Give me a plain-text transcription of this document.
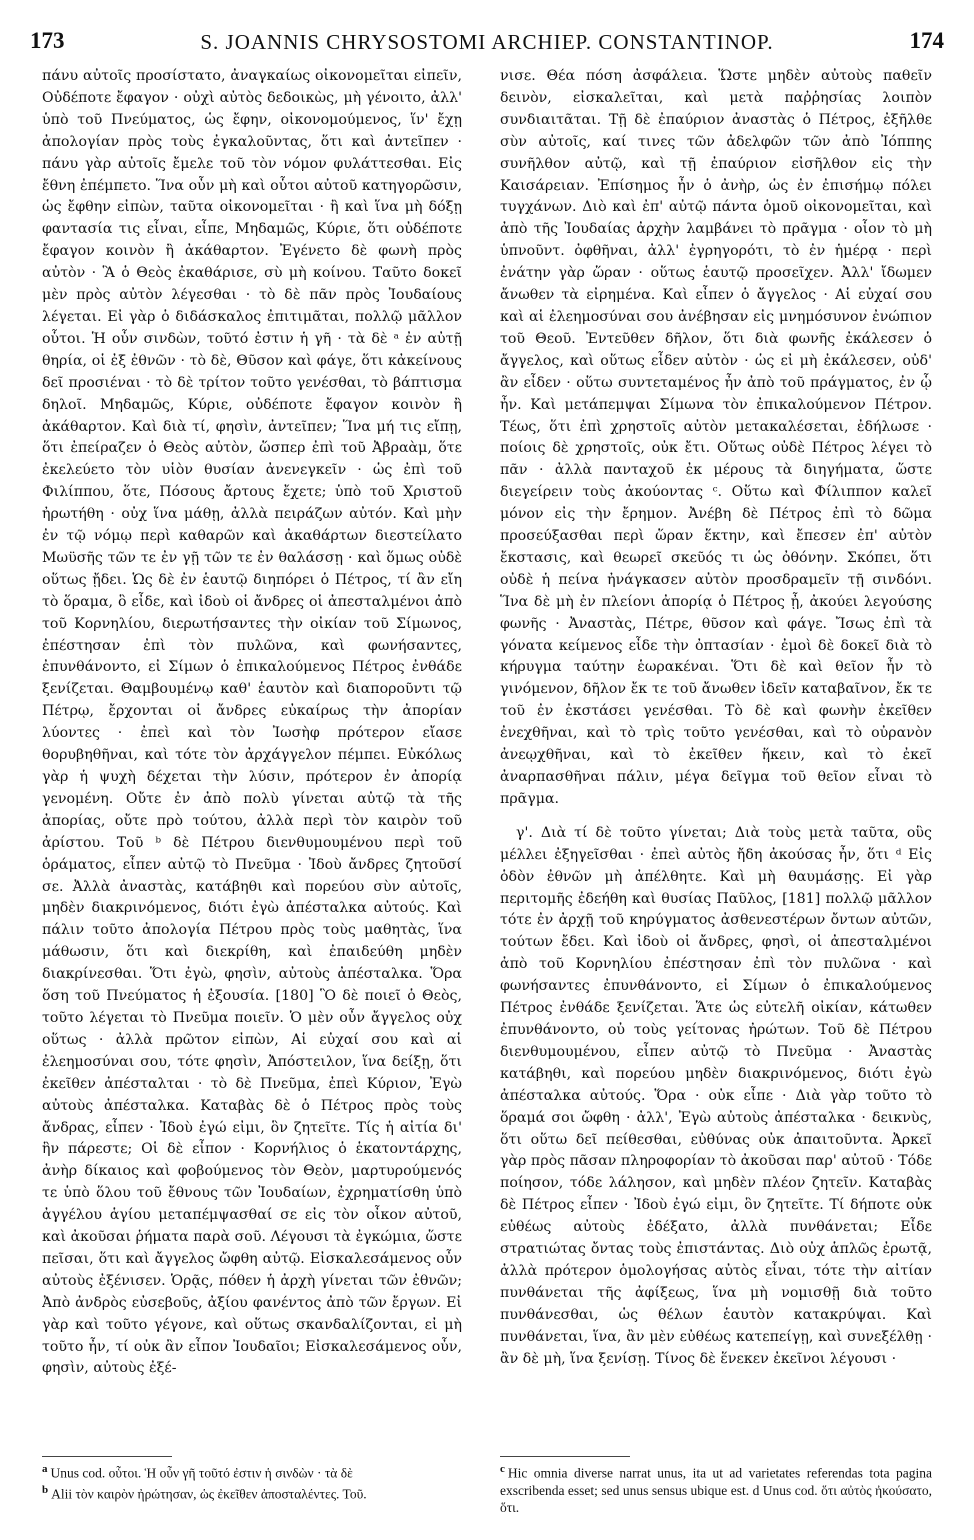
173	S. JOANNIS CHRYSOSTOMI ARCHIEP. CONSTANTINOP.	174

πάνυ αὐτοῖς προσίστατο, ἀναγκαίως οἰκονομεῖται εἰπεῖν, Οὐδέποτε ἔφαγον · οὐχὶ αὐτὸς δεδοικὼς, μὴ γένοιτο, ἀλλ' ὑπὸ τοῦ Πνεύματος, ὡς ἔφην, οἰκονομούμενος, ἵν' ἔχῃ ἀπολογίαν πρὸς τοὺς ἐγκαλοῦντας, ὅτι καὶ ἀντεῖπεν · πάνυ γὰρ αὐτοῖς ἔμελε τοῦ τὸν νόμον φυλάττεσθαι. Εἰς ἔθνη ἐπέμπετο. Ἵνα οὖν μὴ καὶ οὗτοι αὐτοῦ κατηγορῶσιν, ὡς ἔφθην εἰπὼν, ταῦτα οἰκονομεῖται · ἢ καὶ ἵνα μὴ δόξῃ φαντασία τις εἶναι, εἶπε, Μηδαμῶς, Κύριε, ὅτι οὐδέποτε ἔφαγον κοινὸν ἢ ἀκάθαρτον. Ἐγένετο δὲ φωνὴ πρὸς αὐτὸν · Ἃ ὁ Θεὸς ἐκαθάρισε, σὺ μὴ κοίνου. Ταῦτο δοκεῖ μὲν πρὸς αὐτὸν λέγεσθαι · τὸ δὲ πᾶν πρὸς Ἰουδαίους λέγεται. Εἰ γὰρ ὁ διδάσκαλος ἐπιτιμᾶται, πολλῷ μᾶλλον οὗτοι. Ἡ οὖν σινδὼν, τοῦτό ἐστιν ἡ γῆ · τὰ δὲ ᵃ ἐν αὐτῇ θηρία, οἱ ἐξ ἐθνῶν · τὸ δὲ, Θῦσον καὶ φάγε, ὅτι κἀκείνους δεῖ προσιέναι · τὸ δὲ τρίτον τοῦτο γενέσθαι, τὸ βάπτισμα δηλοῖ. Μηδαμῶς, Κύριε, οὐδέποτε ἔφαγον κοινὸν ἢ ἀκάθαρτον. Καὶ διὰ τί, φησὶν, ἀντεῖπεν; Ἵνα μή τις εἴπῃ, ὅτι ἐπείραζεν ὁ Θεὸς αὐτὸν, ὥσπερ ἐπὶ τοῦ Ἀβραὰμ, ὅτε ἐκελεύετο τὸν υἱὸν θυσίαν ἀνενεγκεῖν · ὡς ἐπὶ τοῦ Φιλίππου, ὅτε, Πόσους ἄρτους ἔχετε; ὑπὸ τοῦ Χριστοῦ ἠρωτήθη · οὐχ ἵνα μάθῃ, ἀλλὰ πειράζων αὐτόν. Καὶ μὴν ἐν τῷ νόμῳ περὶ καθαρῶν καὶ ἀκαθάρτων διεστείλατο Μωϋσῆς τῶν τε ἐν γῇ τῶν τε ἐν θαλάσσῃ · καὶ ὅμως οὐδὲ οὕτως ᾔδει. Ὡς δὲ ἐν ἑαυτῷ διηπόρει ὁ Πέτρος, τί ἂν εἴη τὸ ὅραμα, ὃ εἶδε, καὶ ἰδοὺ οἱ ἄνδρες οἱ ἀπεσταλμένοι ἀπὸ τοῦ Κορνηλίου, διερωτήσαντες τὴν οἰκίαν τοῦ Σίμωνος, ἐπέστησαν ἐπὶ τὸν πυλῶνα, καὶ φωνήσαντες, ἐπυνθάνοντο, εἰ Σίμων ὁ ἐπικαλούμενος Πέτρος ἐνθάδε ξενίζεται. Θαμβουμένῳ καθ' ἑαυτὸν καὶ διαποροῦντι τῷ Πέτρῳ, ἔρχονται οἱ ἄνδρες εὐκαίρως τὴν ἀπορίαν λύοντες · ἐπεὶ καὶ τὸν Ἰωσὴφ πρότερον εἴασε θορυβηθῆναι, καὶ τότε τὸν ἀρχάγγελον πέμπει. Εὐκόλως γὰρ ἡ ψυχὴ δέχεται τὴν λύσιν, πρότερον ἐν ἀπορίᾳ γενομένη. Οὔτε ἐν ἀπὸ πολὺ γίνεται αὐτῷ τὰ τῆς ἀπορίας, οὔτε πρὸ τούτου, ἀλλὰ περὶ τὸν καιρὸν τοῦ ἀρίστου. Τοῦ ᵇ δὲ Πέτρου διενθυμουμένου περὶ τοῦ ὁράματος, εἶπεν αὐτῷ τὸ Πνεῦμα · Ἰδοὺ ἄνδρες ζητοῦσί σε. Ἀλλὰ ἀναστὰς, κατάβηθι καὶ πορεύου σὺν αὐτοῖς, μηδὲν διακρινόμενος, διότι ἐγὼ ἀπέσταλκα αὐτούς. Καὶ πάλιν τοῦτο ἀπολογία Πέτρου πρὸς τοὺς μαθητὰς, ἵνα μάθωσιν, ὅτι καὶ διεκρίθη, καὶ ἐπαιδεύθη μηδὲν διακρίνεσθαι. Ὅτι ἐγὼ, φησὶν, αὐτοὺς ἀπέσταλκα. Ὅρα ὅση τοῦ Πνεύματος ἡ ἐξουσία. [180] Ὃ δὲ ποιεῖ ὁ Θεὸς, τοῦτο λέγεται τὸ Πνεῦμα ποιεῖν. Ὁ μὲν οὖν ἄγγελος οὐχ οὕτως · ἀλλὰ πρῶτον εἰπὼν, Αἱ εὐχαί σου καὶ αἱ ἐλεημοσύναι σου, τότε φησὶν, Ἀπόστειλον, ἵνα δείξῃ, ὅτι ἐκεῖθεν ἀπέσταλται · τὸ δὲ Πνεῦμα, ἐπεὶ Κύριον, Ἐγὼ αὐτοὺς ἀπέσταλκα. Καταβὰς δὲ ὁ Πέτρος πρὸς τοὺς ἄνδρας, εἶπεν · Ἰδοὺ ἐγώ εἰμι, ὃν ζητεῖτε. Τίς ἡ αἰτία δι' ἣν πάρεστε; Οἱ δὲ εἶπον · Κορνήλιος ὁ ἑκατοντάρχης, ἀνὴρ δίκαιος καὶ φοβούμενος τὸν Θεὸν, μαρτυρούμενός τε ὑπὸ ὅλου τοῦ ἔθνους τῶν Ἰουδαίων, ἐχρηματίσθη ὑπὸ ἀγγέλου ἁγίου μεταπέμψασθαί σε εἰς τὸν οἶκον αὐτοῦ, καὶ ἀκοῦσαι ῥήματα παρὰ σοῦ. Λέγουσι τὰ ἐγκώμια, ὥστε πεῖσαι, ὅτι καὶ ἄγγελος ὤφθη αὐτῷ. Εἰσκαλεσάμενος οὖν αὐτοὺς ἐξένισεν. Ὁρᾷς, πόθεν ἡ ἀρχὴ γίνεται τῶν ἐθνῶν; Ἀπὸ ἀνδρὸς εὐσεβοῦς, ἀξίου φανέντος ἀπὸ τῶν ἔργων. Εἰ γὰρ καὶ τοῦτο γέγονε, καὶ οὕτως σκανδαλίζονται, εἰ μὴ τοῦτο ἦν, τί οὐκ ἂν εἶπον Ἰουδαῖοι; Εἰσκαλεσάμενος οὖν, φησὶν, αὐτοὺς ἐξέ-

νισε. Θέα πόση ἀσφάλεια. Ὥστε μηδὲν αὐτοὺς παθεῖν δεινὸν, εἰσκαλεῖται, καὶ μετὰ παῤῥησίας λοιπὸν συνδιαιτᾶται. Τῇ δὲ ἐπαύριον ἀναστὰς ὁ Πέτρος, ἐξῆλθε σὺν αὐτοῖς, καί τινες τῶν ἀδελφῶν τῶν ἀπὸ Ἰόππης συνῆλθον αὐτῷ, καὶ τῇ ἐπαύριον εἰσῆλθον εἰς τὴν Καισάρειαν. Ἐπίσημος ἦν ὁ ἀνὴρ, ὡς ἐν ἐπισήμῳ πόλει τυγχάνων. Διὸ καὶ ἐπ' αὐτῷ πάντα ὁμοῦ οἰκονομεῖται, καὶ ἀπὸ τῆς Ἰουδαίας ἀρχὴν λαμβάνει τὸ πρᾶγμα · οἷον τὸ μὴ ὑπνοῦντ. ὀφθῆναι, ἀλλ' ἐγρηγορότι, τὸ ἐν ἡμέρᾳ · περὶ ἐνάτην γὰρ ὥραν · οὕτως ἑαυτῷ προσεῖχεν. Ἀλλ' ἴδωμεν ἄνωθεν τὰ εἰρημένα. Καὶ εἶπεν ὁ ἄγγελος · Αἱ εὐχαί σου καὶ αἱ ἐλεημοσύναι σου ἀνέβησαν εἰς μνημόσυνον ἐνώπιον τοῦ Θεοῦ. Ἐντεῦθεν δῆλον, ὅτι διὰ φωνῆς ἐκάλεσεν ὁ ἄγγελος, καὶ οὕτως εἶδεν αὐτὸν · ὡς εἰ μὴ ἐκάλεσεν, οὐδ' ἂν εἶδεν · οὕτω συντεταμένος ἦν ἀπὸ τοῦ πράγματος, ἐν ᾧ ἦν. Καὶ μετάπεμψαι Σίμωνα τὸν ἐπικαλούμενον Πέτρον. Τέως, ὅτι ἐπὶ χρηστοῖς αὐτὸν μετακαλέσεται, ἐδήλωσε · ποίοις δὲ χρηστοῖς, οὐκ ἔτι. Οὕτως οὐδὲ Πέτρος λέγει τὸ πᾶν · ἀλλὰ πανταχοῦ ἐκ μέρους τὰ διηγήματα, ὥστε διεγείρειν τοὺς ἀκούοντας ᶜ. Οὕτω καὶ Φίλιππον καλεῖ μόνον εἰς τὴν ἔρημον. Ἀνέβη δὲ Πέτρος ἐπὶ τὸ δῶμα προσεύξασθαι περὶ ὥραν ἕκτην, καὶ ἔπεσεν ἐπ' αὐτὸν ἔκστασις, καὶ θεωρεῖ σκεῦός τι ὡς ὀθόνην. Σκόπει, ὅτι οὐδὲ ἡ πείνα ἠνάγκασεν αὐτὸν προσδραμεῖν τῇ σινδόνι. Ἵνα δὲ μὴ ἐν πλείονι ἀπορίᾳ ὁ Πέτρος ᾖ, ἀκούει λεγούσης φωνῆς · Ἀναστὰς, Πέτρε, θῦσον καὶ φάγε. Ἴσως ἐπὶ τὰ γόνατα κείμενος εἶδε τὴν ὀπτασίαν · ἐμοὶ δὲ δοκεῖ διὰ τὸ κήρυγμα ταύτην ἑωρακέναι. Ὅτι δὲ καὶ θεῖον ἦν τὸ γινόμενον, δῆλον ἔκ τε τοῦ ἄνωθεν ἰδεῖν καταβαῖνον, ἔκ τε τοῦ ἐν ἐκστάσει γενέσθαι. Τὸ δὲ καὶ φωνὴν ἐκεῖθεν ἐνεχθῆναι, καὶ τὸ τρὶς τοῦτο γενέσθαι, καὶ τὸ οὐρανὸν ἀνεῳχθῆναι, καὶ τὸ ἐκεῖθεν ἥκειν, καὶ τὸ ἐκεῖ ἀναρπασθῆναι πάλιν, μέγα δεῖγμα τοῦ θεῖον εἶναι τὸ πρᾶγμα.

γ'. Διὰ τί δὲ τοῦτο γίνεται; Διὰ τοὺς μετὰ ταῦτα, οὓς μέλλει ἐξηγεῖσθαι · ἐπεὶ αὐτὸς ἤδη ἀκούσας ἦν, ὅτι ᵈ Εἰς ὁδὸν ἐθνῶν μὴ ἀπέλθητε. Καὶ μὴ θαυμάσῃς. Εἰ γὰρ περιτομῆς ἐδεήθη καὶ θυσίας Παῦλος, [181] πολλῷ μᾶλλον τότε ἐν ἀρχῇ τοῦ κηρύγματος ἀσθενεστέρων ὄντων αὐτῶν, τούτων ἔδει. Καὶ ἰδοὺ οἱ ἄνδρες, φησὶ, οἱ ἀπεσταλμένοι ἀπὸ τοῦ Κορνηλίου ἐπέστησαν ἐπὶ τὸν πυλῶνα · καὶ φωνήσαντες ἐπυνθάνοντο, εἰ Σίμων ὁ ἐπικαλούμενος Πέτρος ἐνθάδε ξενίζεται. Ἅτε ὡς εὐτελῆ οἰκίαν, κάτωθεν ἐπυνθάνοντο, οὐ τοὺς γείτονας ἠρώτων. Τοῦ δὲ Πέτρου διενθυμουμένου, εἶπεν αὐτῷ τὸ Πνεῦμα · Ἀναστὰς κατάβηθι, καὶ πορεύου μηδὲν διακρινόμενος, διότι ἐγὼ ἀπέσταλκα αὐτούς. Ὅρα · οὐκ εἶπε · Διὰ γὰρ τοῦτο τὸ ὅραμά σοι ὤφθη · ἀλλ', Ἐγὼ αὐτοὺς ἀπέσταλκα · δεικνὺς, ὅτι οὕτω δεῖ πείθεσθαι, εὐθύνας οὐκ ἀπαιτοῦντα. Ἀρκεῖ γὰρ πρὸς πᾶσαν πληροφορίαν τὸ ἀκοῦσαι παρ' αὐτοῦ · Τόδε ποίησον, τόδε λάλησον, καὶ μηδὲν πλέον ζητεῖν. Καταβὰς δὲ Πέτρος εἶπεν · Ἰδοὺ ἐγώ εἰμι, ὃν ζητεῖτε. Τί δήποτε οὐκ εὐθέως αὐτοὺς ἐδέξατο, ἀλλὰ πυνθάνεται; Εἶδε στρατιώτας ὄντας τοὺς ἐπιστάντας. Διὸ οὐχ ἁπλῶς ἐρωτᾷ, ἀλλὰ πρότερον ὁμολογήσας αὐτὸς εἶναι, τότε τὴν αἰτίαν πυνθάνεται τῆς ἀφίξεως, ἵνα μὴ νομισθῇ διὰ τοῦτο πυνθάνεσθαι, ὡς θέλων ἑαυτὸν κατακρύψαι. Καὶ πυνθάνεται, ἵνα, ἂν μὲν εὐθέως κατεπείγῃ, καὶ συνεξέλθῃ · ἂν δὲ μὴ, ἵνα ξενίσῃ. Τίνος δὲ ἕνεκεν ἐκεῖνοι λέγουσι ·

$^a$ Unus cod. οὗτοι. Ἡ οὖν γῆ τοῦτό ἐστιν ἡ σινδὼν · τὰ δὲ

$^b$ Alii τὸν καιρὸν ἠρώτησαν, ὡς ἐκεῖθεν ἀποσταλέντες. Τοῦ.

$^c$ Hic omnia diverse narrat unus, ita ut ad varietates referendas tota pagina exscribenda esset; sed unus sensus ubique est. d Unus cod. ὅτι αὐτὸς ἠκούσατο, ὅτι.
